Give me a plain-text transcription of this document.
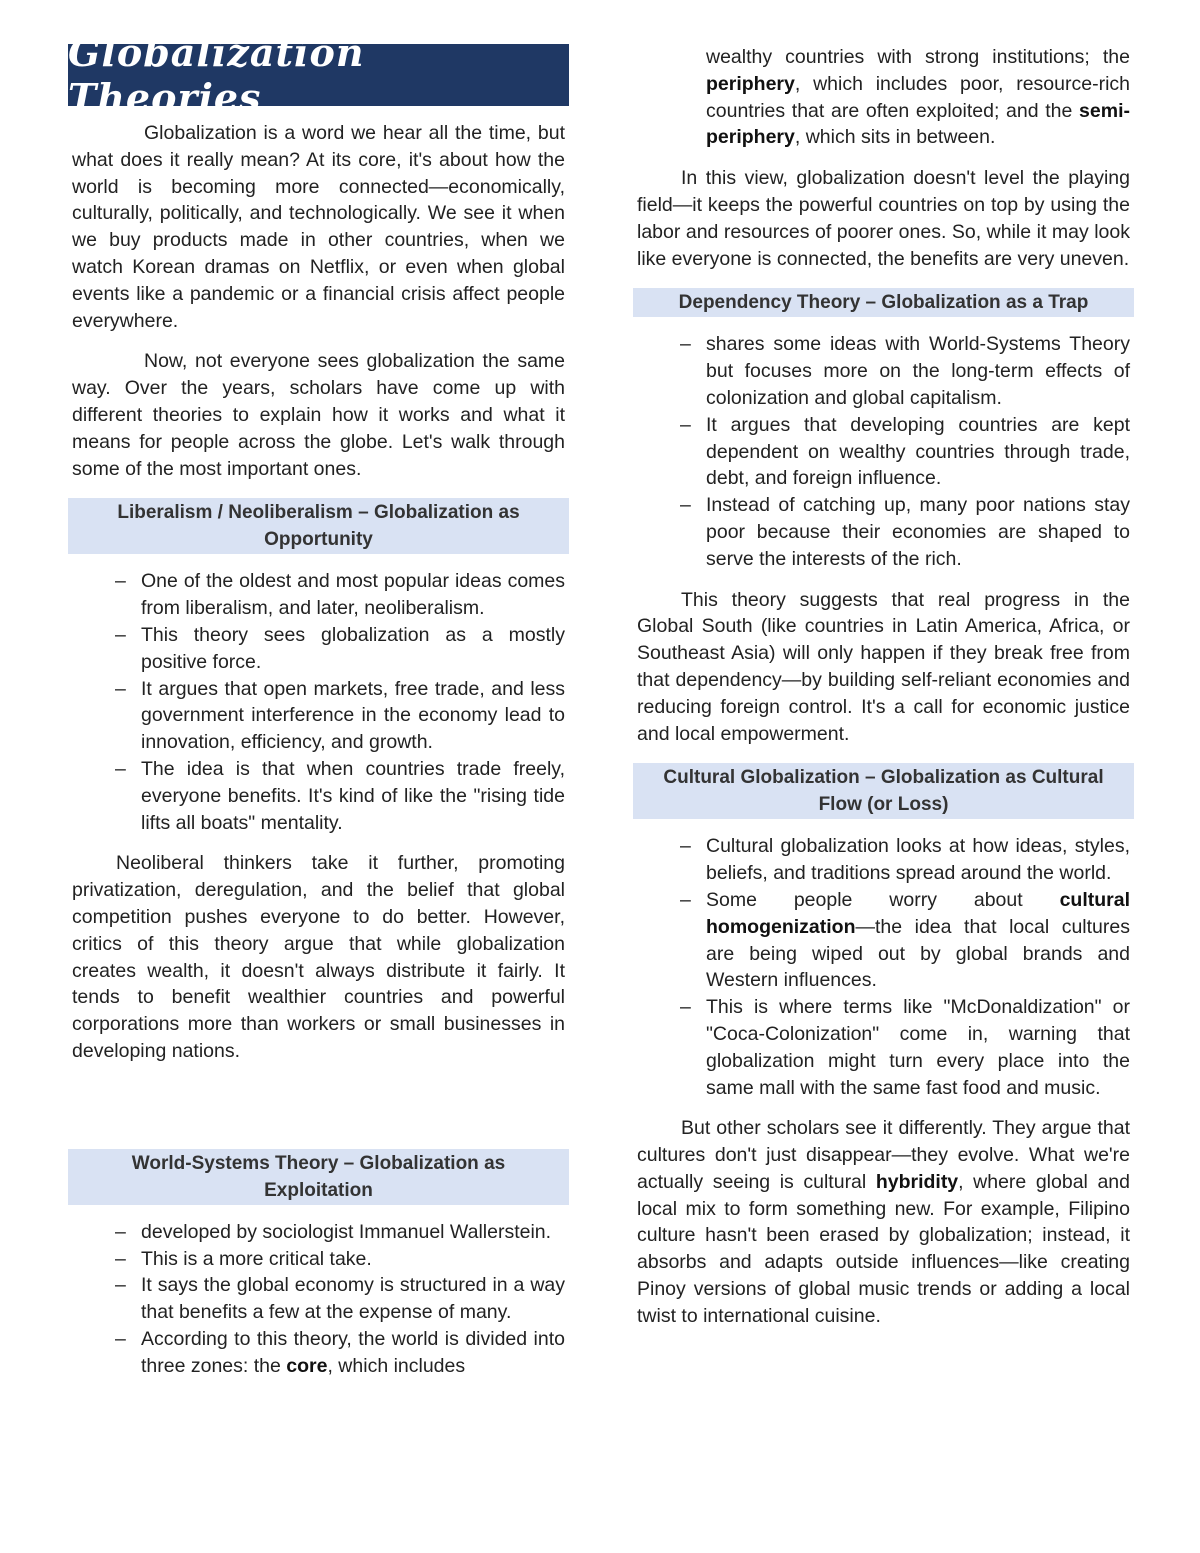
Globalization Theories

Globalization is a word we hear all the time, but what does it really mean? At its core, it's about how the world is becoming more connected—economically, culturally, politically, and technologically. We see it when we buy products made in other countries, when we watch Korean dramas on Netflix, or even when global events like a pandemic or a financial crisis affect people everywhere.

Now, not everyone sees globalization the same way. Over the years, scholars have come up with different theories to explain how it works and what it means for people across the globe. Let's walk through some of the most important ones.

Liberalism / Neoliberalism – Globalization as Opportunity
– One of the oldest and most popular ideas comes from liberalism, and later, neoliberalism.
– This theory sees globalization as a mostly positive force.
– It argues that open markets, free trade, and less government interference in the economy lead to innovation, efficiency, and growth.
– The idea is that when countries trade freely, everyone benefits. It's kind of like the "rising tide lifts all boats" mentality.

Neoliberal thinkers take it further, promoting privatization, deregulation, and the belief that global competition pushes everyone to do better. However, critics of this theory argue that while globalization creates wealth, it doesn't always distribute it fairly. It tends to benefit wealthier countries and powerful corporations more than workers or small businesses in developing nations.

World-Systems Theory – Globalization as Exploitation
– developed by sociologist Immanuel Wallerstein.
– This is a more critical take.
– It says the global economy is structured in a way that benefits a few at the expense of many.
– According to this theory, the world is divided into three zones: the core, which includes
wealthy countries with strong institutions; the periphery, which includes poor, resource-rich countries that are often exploited; and the semi-periphery, which sits in between.

In this view, globalization doesn't level the playing field—it keeps the powerful countries on top by using the labor and resources of poorer ones. So, while it may look like everyone is connected, the benefits are very uneven.

Dependency Theory – Globalization as a Trap
– shares some ideas with World-Systems Theory but focuses more on the long-term effects of colonization and global capitalism.
– It argues that developing countries are kept dependent on wealthy countries through trade, debt, and foreign influence.
– Instead of catching up, many poor nations stay poor because their economies are shaped to serve the interests of the rich.

This theory suggests that real progress in the Global South (like countries in Latin America, Africa, or Southeast Asia) will only happen if they break free from that dependency—by building self-reliant economies and reducing foreign control. It's a call for economic justice and local empowerment.

Cultural Globalization – Globalization as Cultural Flow (or Loss)
– Cultural globalization looks at how ideas, styles, beliefs, and traditions spread around the world.
– Some people worry about cultural homogenization—the idea that local cultures are being wiped out by global brands and Western influences.
– This is where terms like "McDonaldization" or "Coca-Colonization" come in, warning that globalization might turn every place into the same mall with the same fast food and music.

But other scholars see it differently. They argue that cultures don't just disappear—they evolve. What we're actually seeing is cultural hybridity, where global and local mix to form something new. For example, Filipino culture hasn't been erased by globalization; instead, it absorbs and adapts outside influences—like creating Pinoy versions of global music trends or adding a local twist to international cuisine.
